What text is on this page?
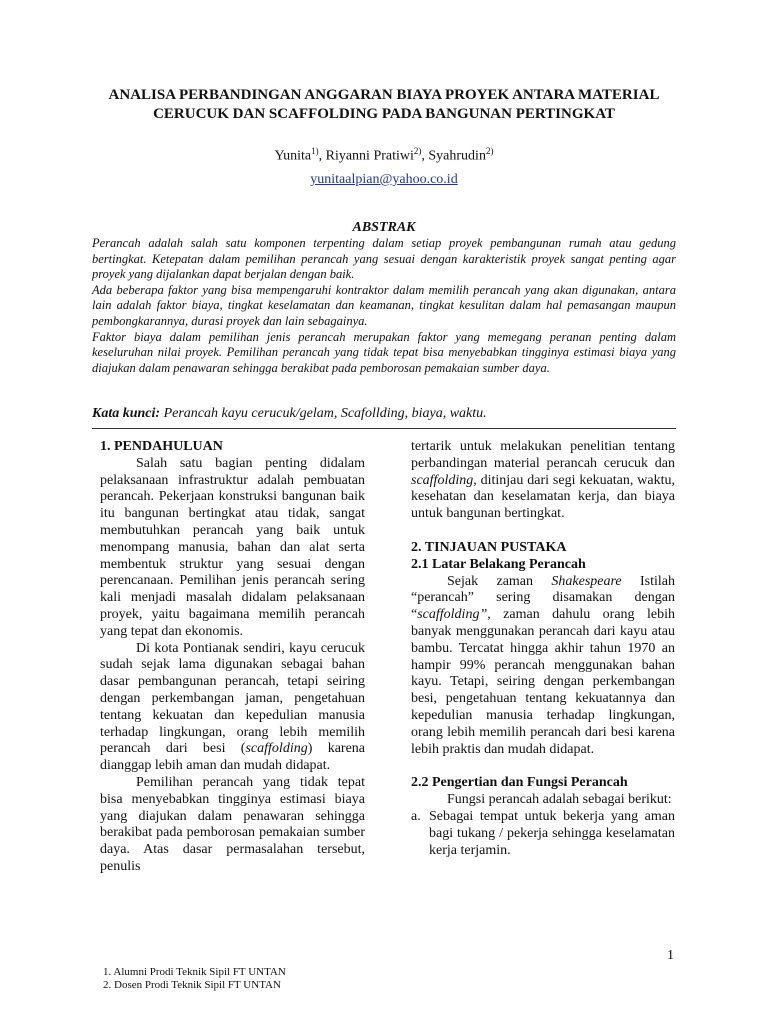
ANALISA PERBANDINGAN ANGGARAN BIAYA PROYEK ANTARA MATERIAL
CERUCUK DAN SCAFFOLDING PADA BANGUNAN PERTINGKAT
Yunita$^{1)}$, Riyanni Pratiwi$^{2)}$, Syahrudin$^{2)}$
yunitaalpian@yahoo.co.id
ABSTRAK

Perancah adalah salah satu komponen terpenting dalam setiap proyek pembangunan rumah atau gedung bertingkat. Ketepatan dalam pemilihan perancah yang sesuai dengan karakteristik proyek sangat penting agar proyek yang dijalankan dapat berjalan dengan baik.

Ada beberapa faktor yang bisa mempengaruhi kontraktor dalam memilih perancah yang akan digunakan, antara lain adalah faktor biaya, tingkat keselamatan dan keamanan, tingkat kesulitan dalam hal pemasangan maupun pembongkarannya, durasi proyek dan lain sebagainya.

Faktor biaya dalam pemilihan jenis perancah merupakan faktor yang memegang peranan penting dalam keseluruhan nilai proyek. Pemilihan perancah yang tidak tepat bisa menyebabkan tingginya estimasi biaya yang diajukan dalam penawaran sehingga berakibat pada pemborosan pemakaian sumber daya.

Kata kunci: Perancah kayu cerucuk/gelam, Scafollding, biaya, waktu.

1. PENDAHULUAN

Salah satu bagian penting didalam pelaksanaan infrastruktur adalah pembuatan perancah. Pekerjaan konstruksi bangunan baik itu bangunan bertingkat atau tidak, sangat membutuhkan perancah yang baik untuk menompang manusia, bahan dan alat serta membentuk struktur yang sesuai dengan perencanaan. Pemilihan jenis perancah sering kali menjadi masalah didalam pelaksanaan proyek, yaitu bagaimana memilih perancah yang tepat dan ekonomis.

Di kota Pontianak sendiri, kayu cerucuk sudah sejak lama digunakan sebagai bahan dasar pembangunan perancah, tetapi seiring dengan perkembangan jaman, pengetahuan tentang kekuatan dan kepedulian manusia terhadap lingkungan, orang lebih memilih perancah dari besi (scaffolding) karena dianggap lebih aman dan mudah didapat.

Pemilihan perancah yang tidak tepat bisa menyebabkan tingginya estimasi biaya yang diajukan dalam penawaran sehingga berakibat pada pemborosan pemakaian sumber daya. Atas dasar permasalahan tersebut, penulis

tertarik untuk melakukan penelitian tentang perbandingan material perancah cerucuk dan scaffolding, ditinjau dari segi kekuatan, waktu, kesehatan dan keselamatan kerja, dan biaya untuk bangunan bertingkat.

2. TINJAUAN PUSTAKA

2.1 Latar Belakang Perancah

Sejak zaman Shakespeare Istilah “perancah” sering disamakan dengan “scaffolding”, zaman dahulu orang lebih banyak menggunakan perancah dari kayu atau bambu. Tercatat hingga akhir tahun 1970 an hampir 99% perancah menggunakan bahan kayu. Tetapi, seiring dengan perkembangan besi, pengetahuan tentang kekuatannya dan kepedulian manusia terhadap lingkungan, orang lebih memilih perancah dari besi karena lebih praktis dan mudah didapat.

2.2 Pengertian dan Fungsi Perancah

Fungsi perancah adalah sebagai berikut:

a. Sebagai tempat untuk bekerja yang aman bagi tukang / pekerja sehingga keselamatan kerja terjamin.
1
1. Alumni Prodi Teknik Sipil FT UNTAN
2. Dosen Prodi Teknik Sipil FT UNTAN
